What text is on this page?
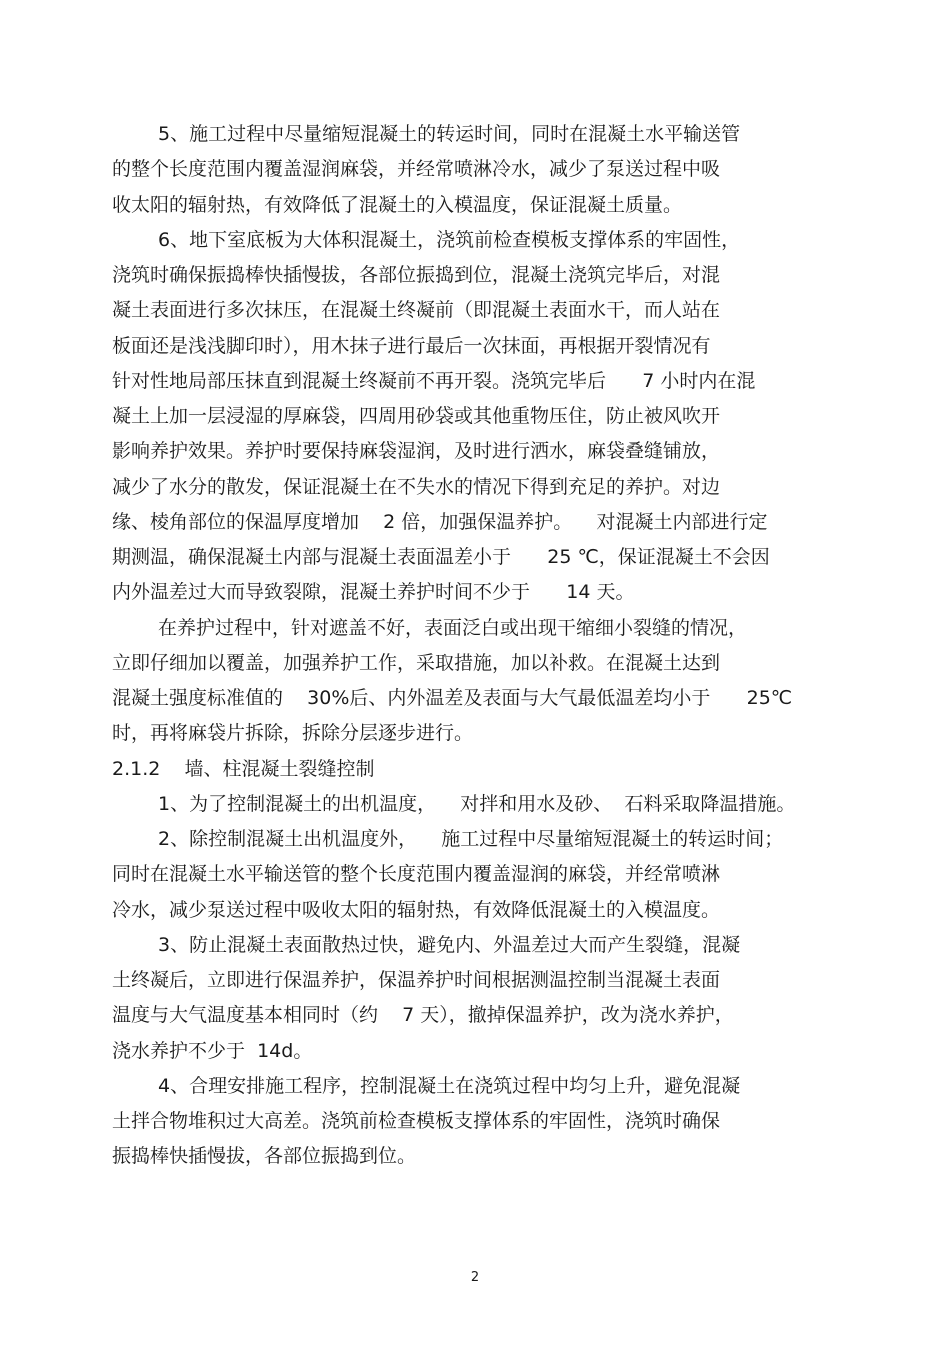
5、施工过程中尽量缩短混凝土的转运时间，同时在混凝土水平输送管

的整个长度范围内覆盖湿润麻袋，并经常喷淋冷水，减少了泵送过程中吸

收太阳的辐射热，有效降低了混凝土的入模温度，保证混凝土质量。

6、地下室底板为大体积混凝土，浇筑前检查模板支撑体系的牢固性，

浇筑时确保振捣棒快插慢拔，各部位振捣到位，混凝土浇筑完毕后，对混

凝土表面进行多次抹压，在混凝土终凝前（即混凝土表面水干，而人站在

板面还是浅浅脚印时），用木抹子进行最后一次抹面，再根据开裂情况有

针对性地局部压抹直到混凝土终凝前不再开裂。浇筑完毕后      7 小时内在混

凝土上加一层浸湿的厚麻袋，四周用砂袋或其他重物压住，防止被风吹开

影响养护效果。养护时要保持麻袋湿润，及时进行洒水，麻袋叠缝铺放，

减少了水分的散发，保证混凝土在不失水的情况下得到充足的养护。对边

缘、棱角部位的保温厚度增加    2 倍，加强保温养护。    对混凝土内部进行定

期测温，确保混凝土内部与混凝土表面温差小于      25 ℃，保证混凝土不会因

内外温差过大而导致裂隙，混凝土养护时间不少于      14 天。

在养护过程中，针对遮盖不好，表面泛白或出现干缩细小裂缝的情况，

立即仔细加以覆盖，加强养护工作，采取措施，加以补救。在混凝土达到

混凝土强度标准值的    30%后、内外温差及表面与大气最低温差均小于      25℃

时，再将麻袋片拆除，拆除分层逐步进行。

2.1.2    墙、柱混凝土裂缝控制

1、为了控制混凝土的出机温度，    对拌和用水及砂、  石料采取降温措施。

2、除控制混凝土出机温度外，    施工过程中尽量缩短混凝土的转运时间；

同时在混凝土水平输送管的整个长度范围内覆盖湿润的麻袋，并经常喷淋

冷水，减少泵送过程中吸收太阳的辐射热，有效降低混凝土的入模温度。

3、防止混凝土表面散热过快，避免内、外温差过大而产生裂缝，混凝

土终凝后，立即进行保温养护，保温养护时间根据测温控制当混凝土表面

温度与大气温度基本相同时（约    7 天），撤掉保温养护，改为浇水养护，

浇水养护不少于  14d。

4、合理安排施工程序，控制混凝土在浇筑过程中均匀上升，避免混凝

土拌合物堆积过大高差。浇筑前检查模板支撑体系的牢固性，浇筑时确保

振捣棒快插慢拔，各部位振捣到位。

2
